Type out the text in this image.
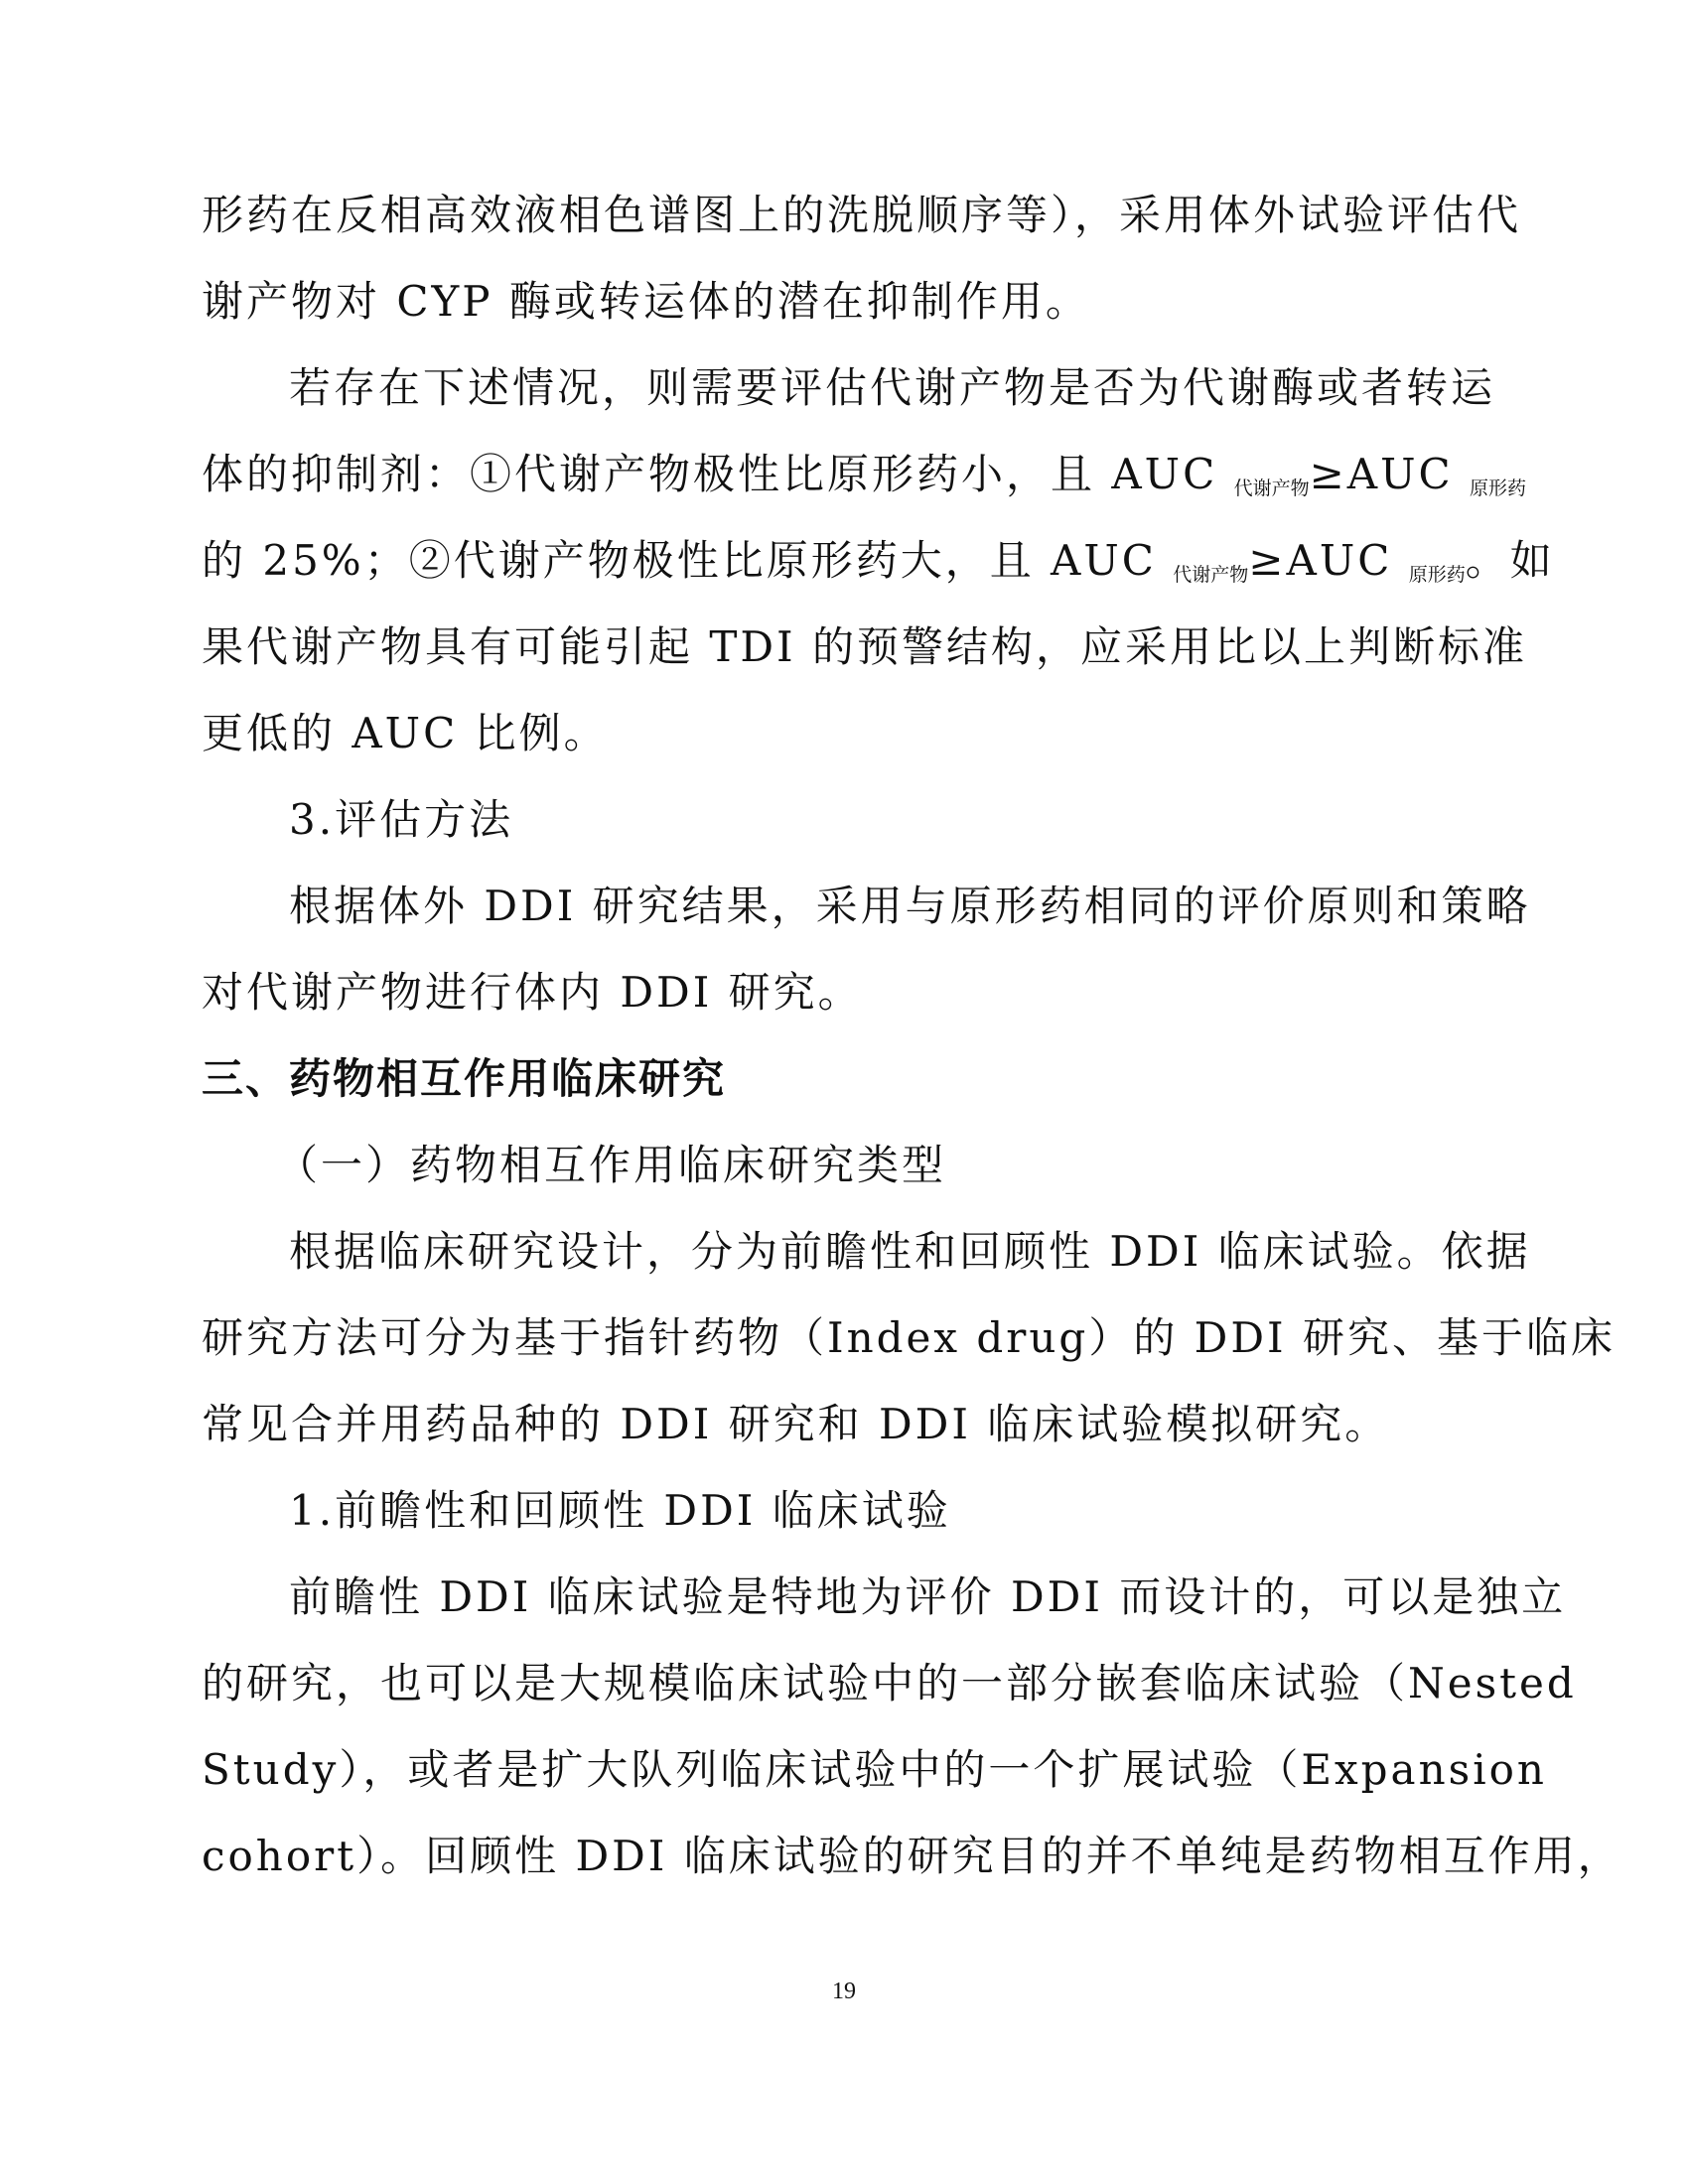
形药在反相高效液相色谱图上的洗脱顺序等），采用体外试验评估代
谢产物对 CYP 酶或转运体的潜在抑制作用。
若存在下述情况，则需要评估代谢产物是否为代谢酶或者转运
体的抑制剂：①代谢产物极性比原形药小，且 AUC 代谢产物≥AUC 原形药
的 25%；②代谢产物极性比原形药大，且 AUC 代谢产物≥AUC 原形药。如
果代谢产物具有可能引起 TDI 的预警结构，应采用比以上判断标准
更低的 AUC 比例。
3.评估方法
根据体外 DDI 研究结果，采用与原形药相同的评价原则和策略
对代谢产物进行体内 DDI 研究。
三、药物相互作用临床研究
（一）药物相互作用临床研究类型
根据临床研究设计，分为前瞻性和回顾性 DDI 临床试验。依据
研究方法可分为基于指针药物（Index drug）的 DDI 研究、基于临床
常见合并用药品种的 DDI 研究和 DDI 临床试验模拟研究。
1.前瞻性和回顾性 DDI 临床试验
前瞻性 DDI 临床试验是特地为评价 DDI 而设计的，可以是独立
的研究，也可以是大规模临床试验中的一部分嵌套临床试验（Nested
Study），或者是扩大队列临床试验中的一个扩展试验（Expansion
cohort）。回顾性 DDI 临床试验的研究目的并不单纯是药物相互作用，
19
